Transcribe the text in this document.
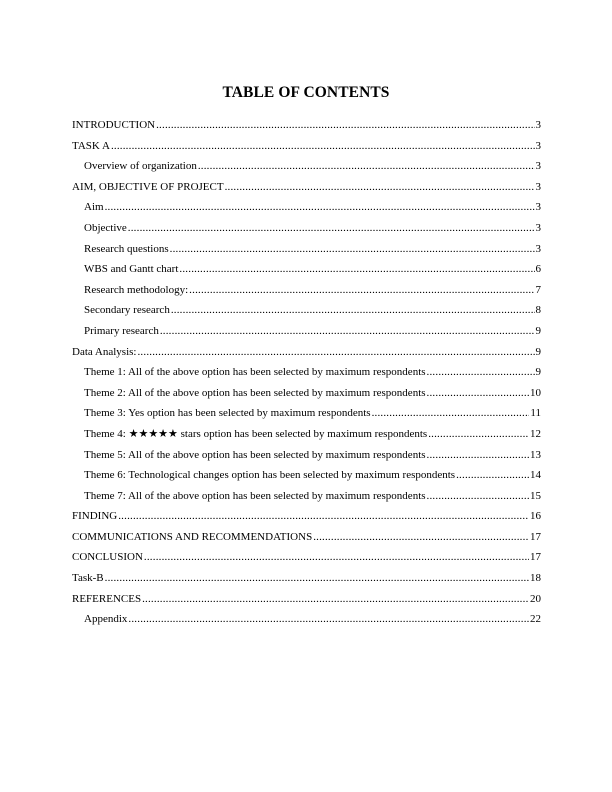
TABLE OF CONTENTS
INTRODUCTION .....	3
TASK A .....	3
Overview of organization .....	3
AIM, OBJECTIVE OF PROJECT .....	3
Aim .....	3
Objective .....	3
Research questions .....	3
WBS and Gantt chart .....	6
Research methodology: .....	7
Secondary research .....	8
Primary research .....	9
Data Analysis: .....	9
Theme 1: All of the above option has been selected by maximum respondents .....	9
Theme 2: All of the above option has been selected by maximum respondents .....	10
Theme 3: Yes option has been selected by maximum respondents .....	11
Theme 4: ★★★★★ stars option has been selected by maximum respondents .....	12
Theme 5: All of the above option has been selected by maximum respondents .....	13
Theme 6: Technological changes option has been selected by maximum respondents .....	14
Theme 7: All of the above option has been selected by maximum respondents .....	15
FINDING .....	16
COMMUNICATIONS AND RECOMMENDATIONS .....	17
CONCLUSION .....	17
Task-B .....	18
REFERENCES .....	20
Appendix .....	22
